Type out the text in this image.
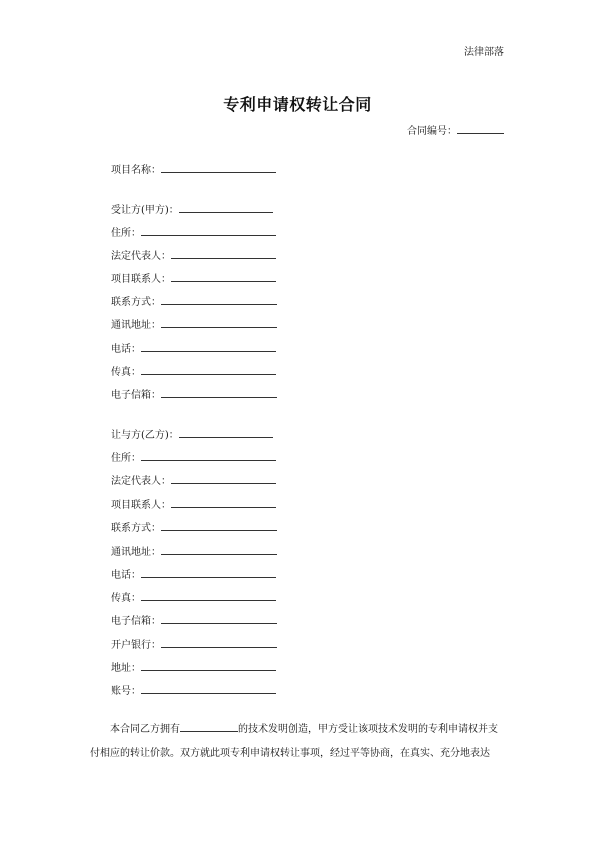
法律部落
专利申请权转让合同
合同编号：
项目名称：
受让方(甲方)：
住所：
法定代表人：
项目联系人：
联系方式：
通讯地址：
电话：
传真：
电子信箱：
让与方(乙方)：
住所：
法定代表人：
项目联系人：
联系方式：
通讯地址：
电话：
传真：
电子信箱：
开户银行：
地址：
账号：
本合同乙方拥有	的技术发明创造，甲方受让该项技术发明的专利申请权并支
付相应的转让价款。双方就此项专利申请权转让事项，经过平等协商，在真实、充分地表达
